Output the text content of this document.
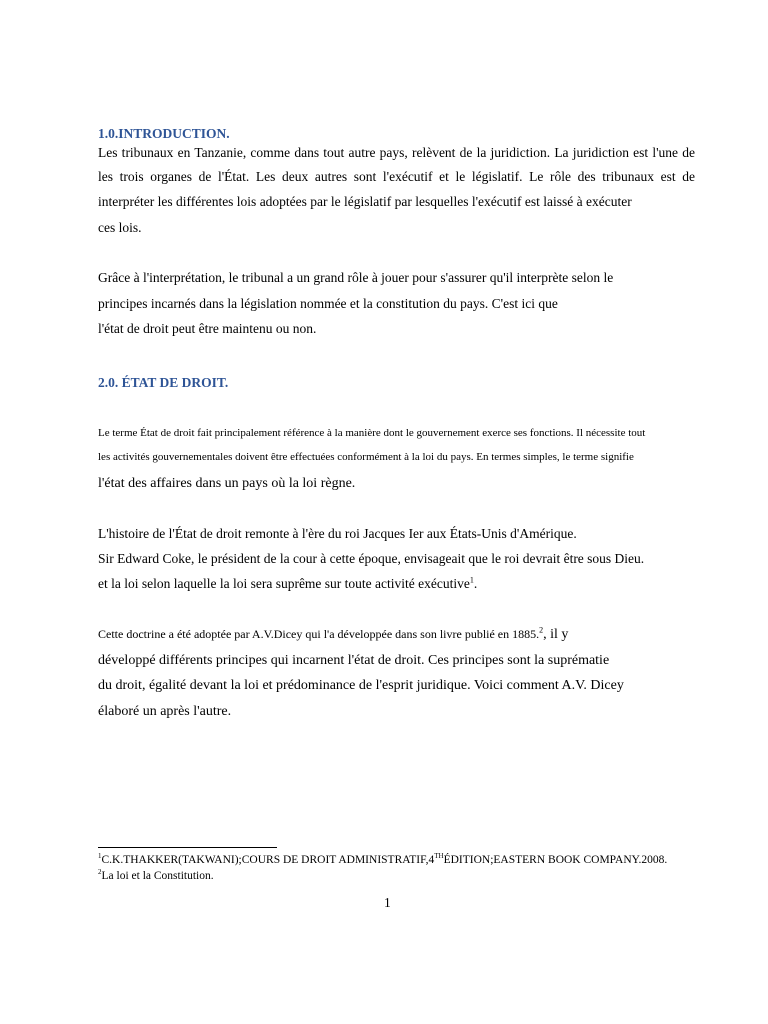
1.0.INTRODUCTION.
Les tribunaux en Tanzanie, comme dans tout autre pays, relèvent de la juridiction. La juridiction est l'une de
les trois organes de l'État. Les deux autres sont l'exécutif et le législatif. Le rôle des tribunaux est de
interpréter les différentes lois adoptées par le législatif par lesquelles l'exécutif est laissé à exécuter
ces lois.
Grâce à l'interprétation, le tribunal a un grand rôle à jouer pour s'assurer qu'il interprète selon le
principes incarnés dans la législation nommée et la constitution du pays. C'est ici que
l'état de droit peut être maintenu ou non.
2.0. ÉTAT DE DROIT.
Le terme État de droit fait principalement référence à la manière dont le gouvernement exerce ses fonctions. Il nécessite tout
les activités gouvernementales doivent être effectuées conformément à la loi du pays. En termes simples, le terme signifie
l'état des affaires dans un pays où la loi règne.
L'histoire de l'État de droit remonte à l'ère du roi Jacques Ier aux États-Unis d'Amérique.
Sir Edward Coke, le président de la cour à cette époque, envisageait que le roi devrait être sous Dieu.
et la loi selon laquelle la loi sera suprême sur toute activité exécutive$^1$.
Cette doctrine a été adoptée par A.V.Dicey qui l'a développée dans son livre publié en 1885.$^2$, il y
développé différents principes qui incarnent l'état de droit. Ces principes sont la suprématie
du droit, égalité devant la loi et prédominance de l'esprit juridique. Voici comment A.V. Dicey
élaboré un après l'autre.
$^1$C.K.THAKKER(TAKWANI);COURS DE DROIT ADMINISTRATIF,4THÉDITION;EASTERN BOOK COMPANY.2008.
$^2$La loi et la Constitution.
1
